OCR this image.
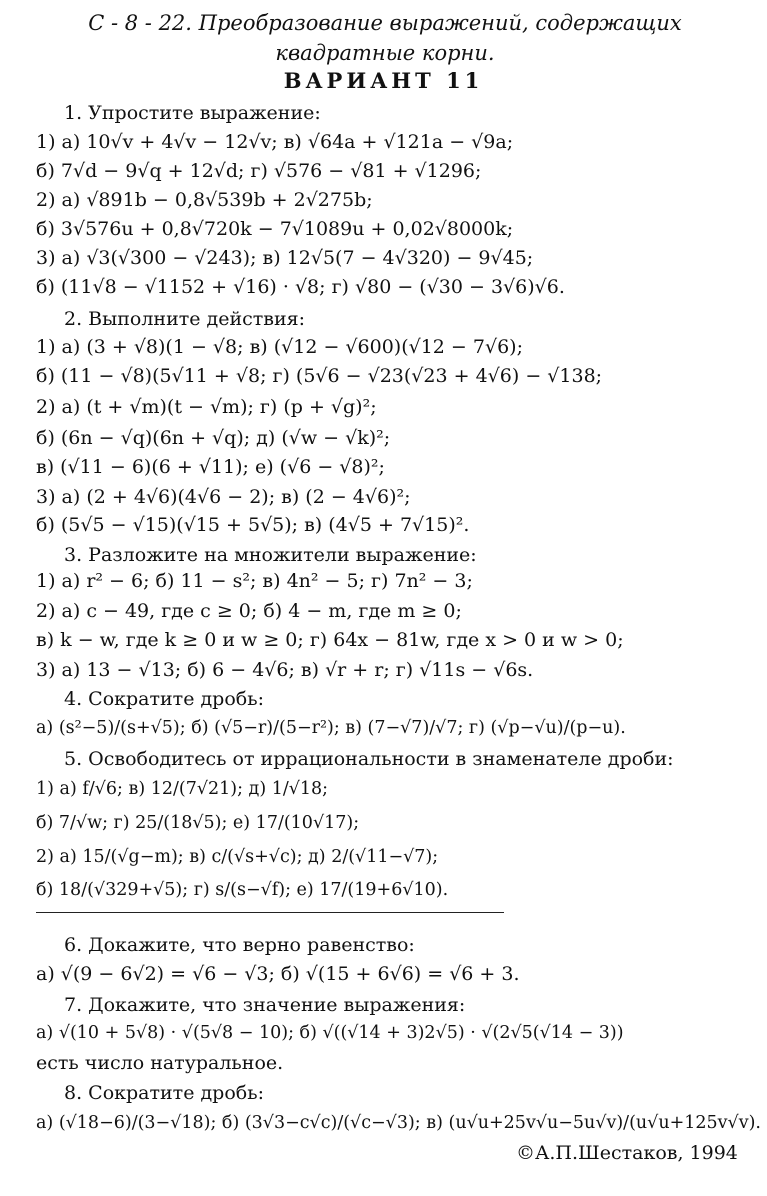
С - 8 - 22. Преобразование выражений, содержащих
квадратные корни.
ВАРИАНТ 11
1. Упростите выражение:
1) а) 10√v + 4√v − 12√v; в) √64a + √121a − √9a;
б) 7√d − 9√q + 12√d; г) √576 − √81 + √1296;
2) а) √891b − 0,8√539b + 2√275b;
б) 3√576u + 0,8√720k − 7√1089u + 0,02√8000k;
3) а) √3(√300 − √243); в) 12√5(7 − 4√320) − 9√45;
б) (11√8 − √1152 + √16) · √8; г) √80 − (√30 − 3√6)√6.
2. Выполните действия:
1) а) (3 + √8)(1 − √8; в) (√12 − √600)(√12 − 7√6);
б) (11 − √8)(5√11 + √8; г) (5√6 − √23(√23 + 4√6) − √138;
2) а) (t + √m)(t − √m); г) (p + √g)²;
б) (6n − √q)(6n + √q); д) (√w − √k)²;
в) (√11 − 6)(6 + √11); е) (√6 − √8)²;
3) а) (2 + 4√6)(4√6 − 2); в) (2 − 4√6)²;
б) (5√5 − √15)(√15 + 5√5); в) (4√5 + 7√15)².
3. Разложите на множители выражение:
1) а) r² − 6; б) 11 − s²; в) 4n² − 5; г) 7n² − 3;
2) а) c − 49, где c ≥ 0; б) 4 − m, где m ≥ 0;
в) k − w, где k ≥ 0 и w ≥ 0; г) 64x − 81w, где x > 0 и w > 0;
3) а) 13 − √13; б) 6 − 4√6; в) √r + r; г) √11s − √6s.
4. Сократите дробь:
а) (s²−5)/(s+√5); б) (√5−r)/(5−r²); в) (7−√7)/√7; г) (√p−√u)/(p−u).
5. Освободитесь от иррациональности в знаменателе дроби:
1) а) f/√6; в) 12/(7√21); д) 1/√18;
б) 7/√w; г) 25/(18√5); е) 17/(10√17);
2) а) 15/(√g−m); в) c/(√s+√c); д) 2/(√11−√7);
б) 18/(√329+√5); г) s/(s−√f); е) 17/(19+6√10).
6. Докажите, что верно равенство:
а) √(9 − 6√2) = √6 − √3; б) √(15 + 6√6) = √6 + 3.
7. Докажите, что значение выражения:
а) √(10 + 5√8) · √(5√8 − 10); б) √((√14 + 3)2√5) · √(2√5(√14 − 3))
есть число натуральное.
8. Сократите дробь:
а) (√18−6)/(3−√18); б) (3√3−c√c)/(√c−√3); в) (u√u+25v√u−5u√v)/(u√u+125v√v).
©А.П.Шестаков, 1994
